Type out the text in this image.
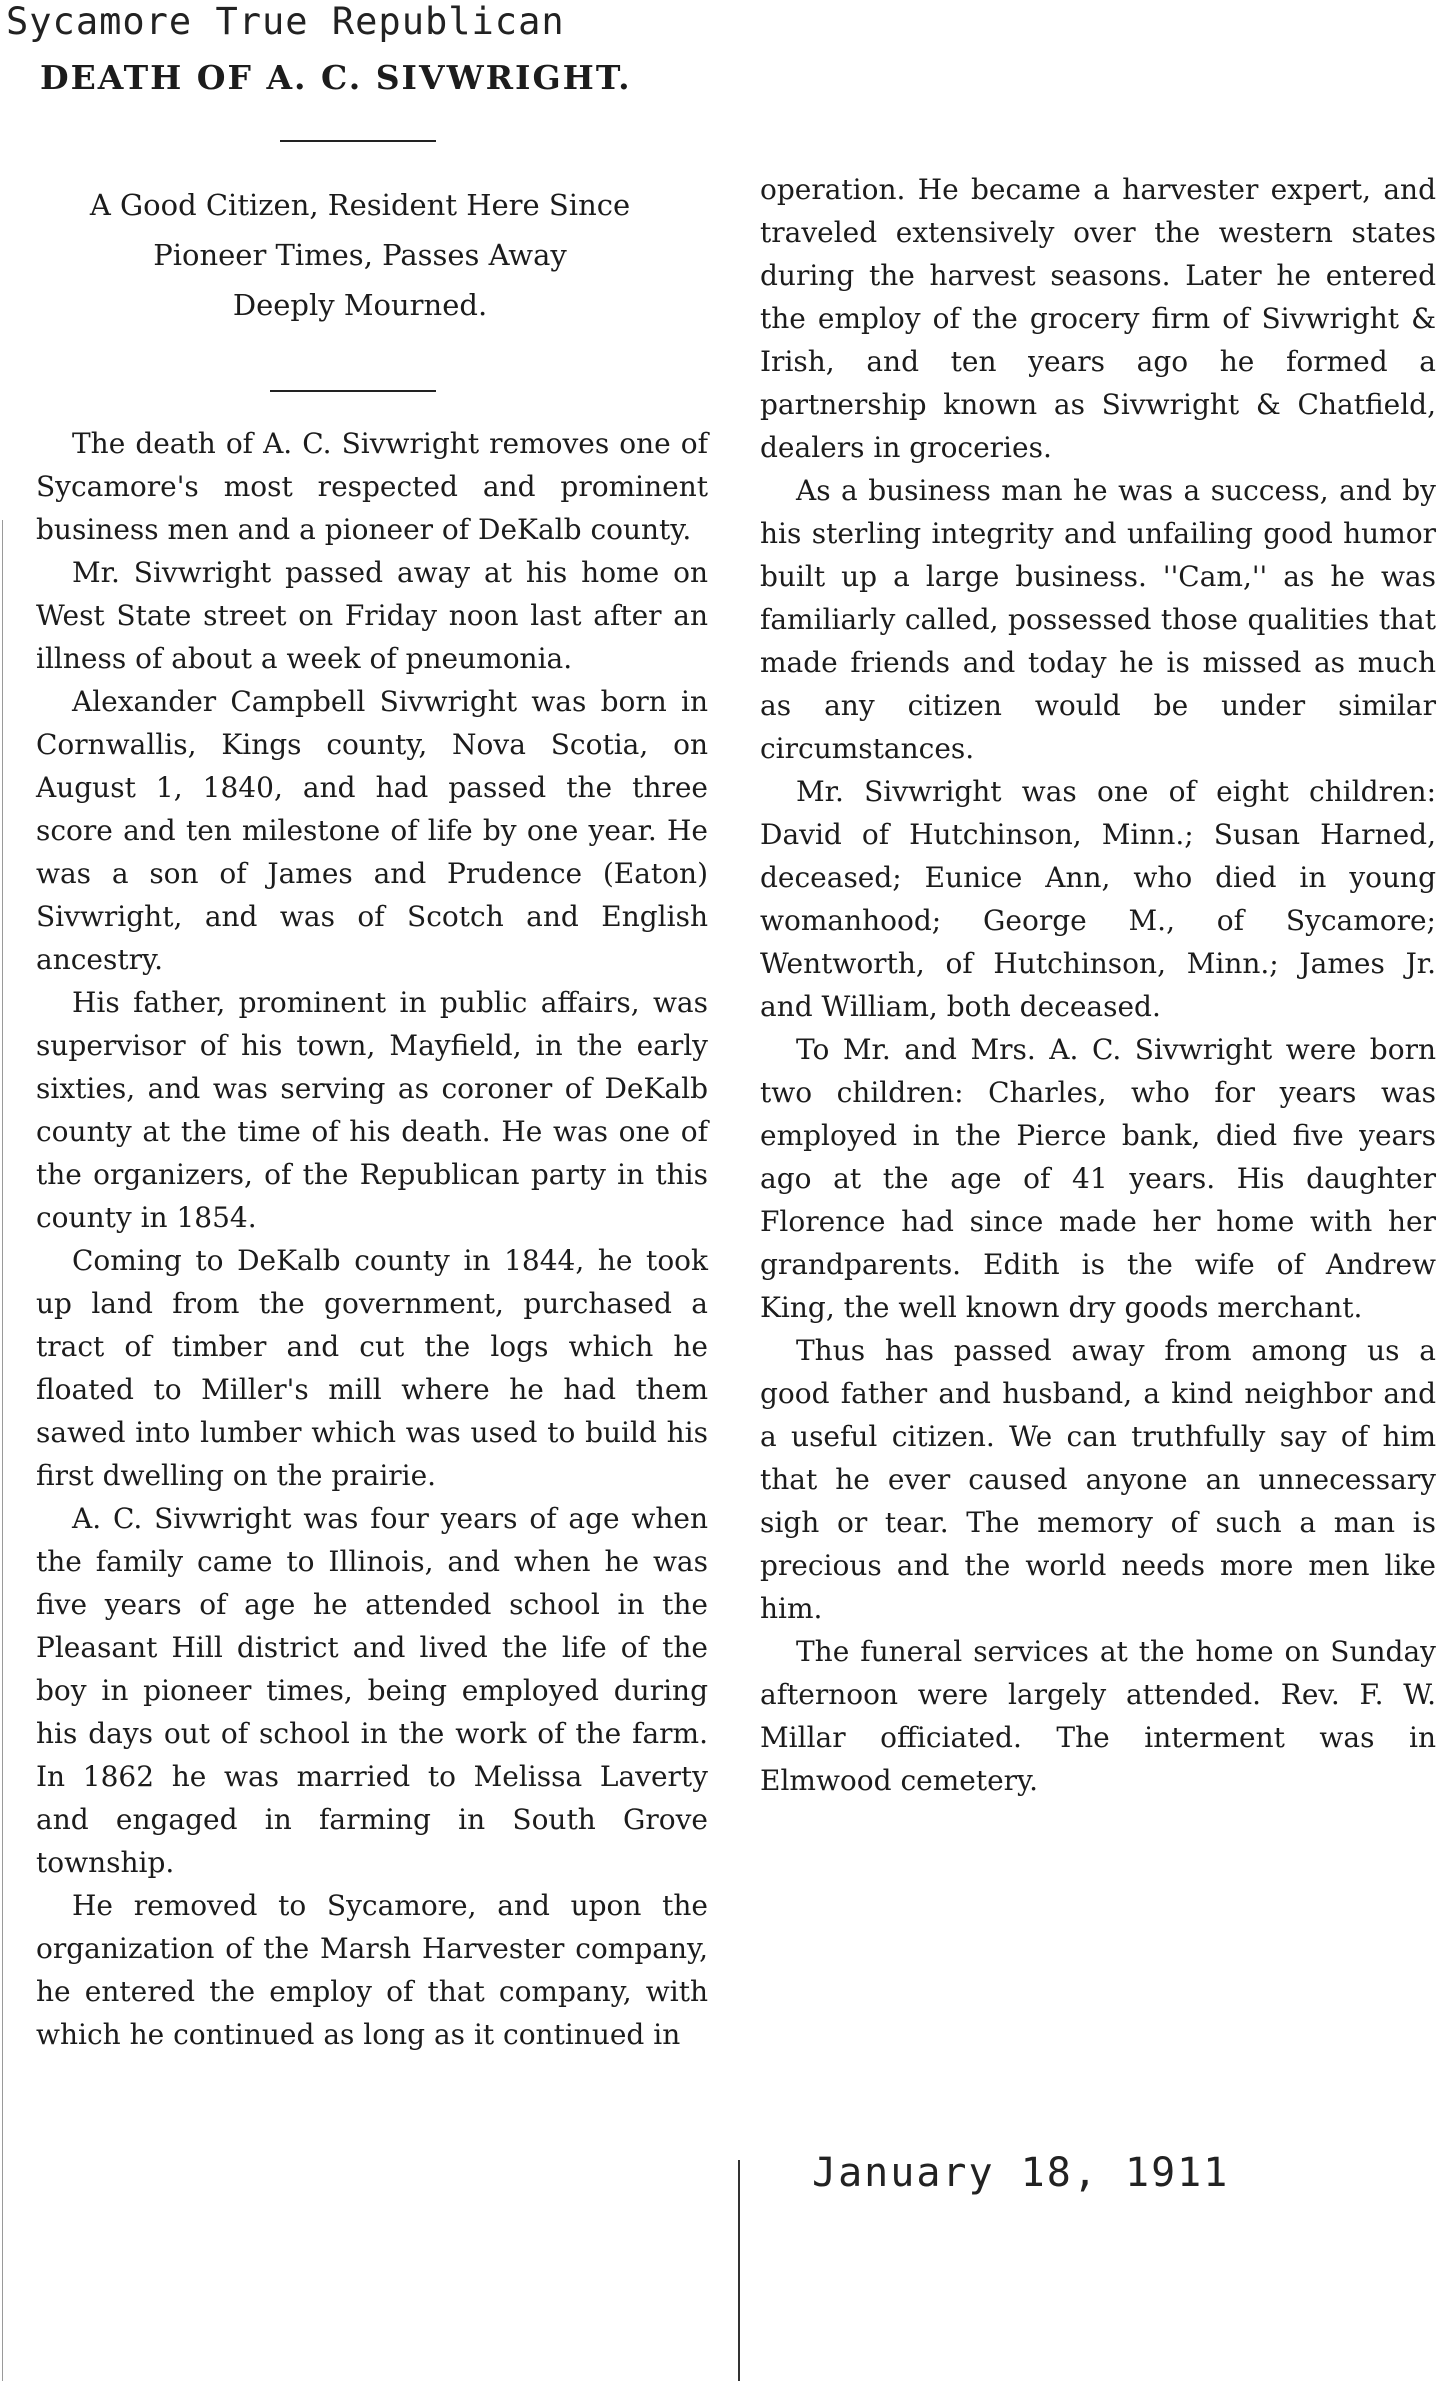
Sycamore True Republican
DEATH OF A. C. SIVWRIGHT.
A Good Citizen, Resident Here Since
Pioneer Times, Passes Away
Deeply Mourned.

The death of A. C. Sivwright removes one of Sycamore's most respected and prominent business men and a pioneer of DeKalb county.

Mr. Sivwright passed away at his home on West State street on Friday noon last after an illness of about a week of pneumonia.

Alexander Campbell Sivwright was born in Cornwallis, Kings county, Nova Scotia, on August 1, 1840, and had passed the three score and ten milestone of life by one year. He was a son of James and Prudence (Eaton) Sivwright, and was of Scotch and English ancestry.

His father, prominent in public affairs, was supervisor of his town, Mayfield, in the early sixties, and was serving as coroner of DeKalb county at the time of his death. He was one of the organizers, of the Republican party in this county in 1854.

Coming to DeKalb county in 1844, he took up land from the government, purchased a tract of timber and cut the logs which he floated to Miller's mill where he had them sawed into lumber which was used to build his first dwelling on the prairie.

A. C. Sivwright was four years of age when the family came to Illinois, and when he was five years of age he attended school in the Pleasant Hill district and lived the life of the boy in pioneer times, being employed during his days out of school in the work of the farm. In 1862 he was married to Melissa Laverty and engaged in farming in South Grove township.

He removed to Sycamore, and upon the organization of the Marsh Harvester company, he entered the employ of that company, with which he continued as long as it continued in

operation. He became a harvester expert, and traveled extensively over the western states during the harvest seasons. Later he entered the employ of the grocery firm of Sivwright & Irish, and ten years ago he formed a partnership known as Sivwright & Chatfield, dealers in groceries.

As a business man he was a success, and by his sterling integrity and unfailing good humor built up a large business. ''Cam,'' as he was familiarly called, possessed those qualities that made friends and today he is missed as much as any citizen would be under similar circumstances.

Mr. Sivwright was one of eight children: David of Hutchinson, Minn.; Susan Harned, deceased; Eunice Ann, who died in young womanhood; George M., of Sycamore; Wentworth, of Hutchinson, Minn.; James Jr. and William, both deceased.

To Mr. and Mrs. A. C. Sivwright were born two children: Charles, who for years was employed in the Pierce bank, died five years ago at the age of 41 years. His daughter Florence had since made her home with her grandparents. Edith is the wife of Andrew King, the well known dry goods merchant.

Thus has passed away from among us a good father and husband, a kind neighbor and a useful citizen. We can truthfully say of him that he ever caused anyone an unnecessary sigh or tear. The memory of such a man is precious and the world needs more men like him.

The funeral services at the home on Sunday afternoon were largely attended. Rev. F. W. Millar officiated. The interment was in Elmwood cemetery.

January 18, 1911
